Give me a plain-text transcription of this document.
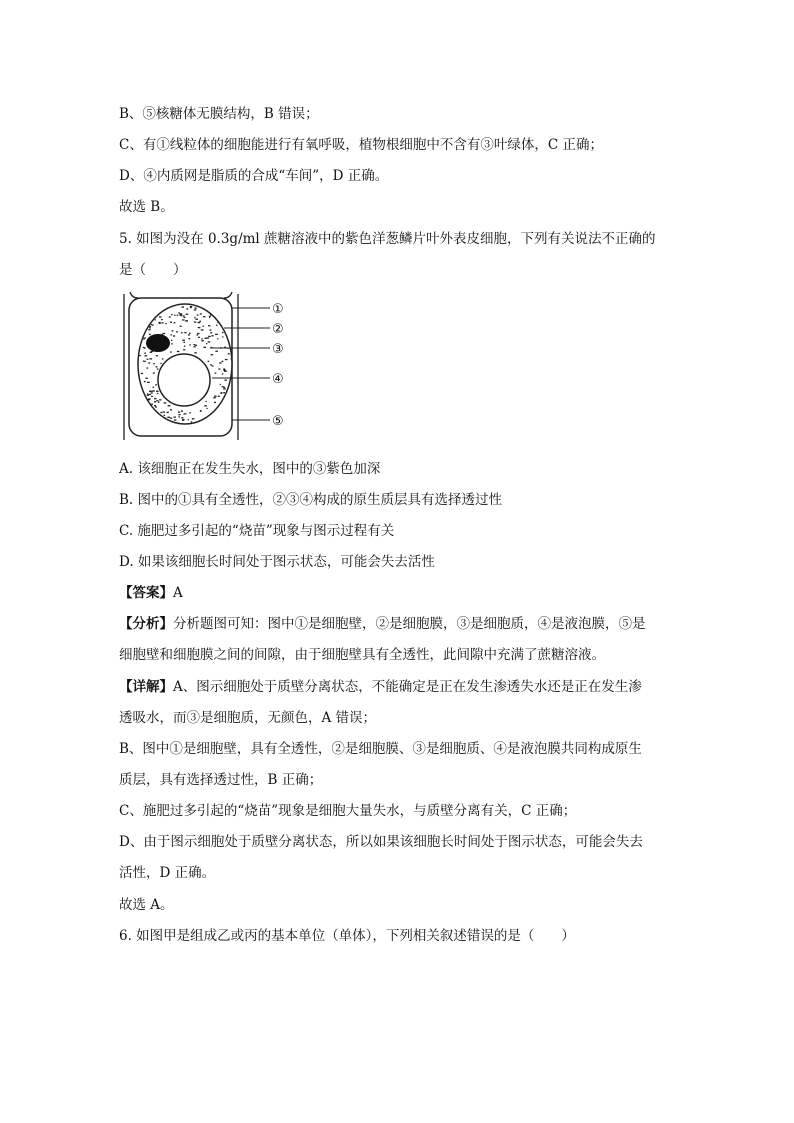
B、⑤核糖体无膜结构，B 错误；
C、有①线粒体的细胞能进行有氧呼吸，植物根细胞中不含有③叶绿体，C 正确；
D、④内质网是脂质的合成“车间”，D 正确。
故选 B。
5. 如图为没在 0.3g/ml 蔗糖溶液中的紫色洋葱鳞片叶外表皮细胞，下列有关说法不正确的
是（　　）
①
②
③
④
⑤
A. 该细胞正在发生失水，图中的③紫色加深
B. 图中的①具有全透性，②③④构成的原生质层具有选择透过性
C. 施肥过多引起的“烧苗”现象与图示过程有关
D. 如果该细胞长时间处于图示状态，可能会失去活性
【答案】A
【分析】分析题图可知：图中①是细胞壁，②是细胞膜，③是细胞质，④是液泡膜，⑤是
细胞壁和细胞膜之间的间隙，由于细胞壁具有全透性，此间隙中充满了蔗糖溶液。
【详解】A、图示细胞处于质壁分离状态，不能确定是正在发生渗透失水还是正在发生渗
透吸水，而③是细胞质，无颜色，A 错误；
B、图中①是细胞壁，具有全透性，②是细胞膜、③是细胞质、④是液泡膜共同构成原生
质层，具有选择透过性，B 正确；
C、施肥过多引起的“烧苗”现象是细胞大量失水，与质壁分离有关，C 正确；
D、由于图示细胞处于质壁分离状态，所以如果该细胞长时间处于图示状态，可能会失去
活性，D 正确。
故选 A。
6. 如图甲是组成乙或丙的基本单位（单体），下列相关叙述错误的是（　　）
